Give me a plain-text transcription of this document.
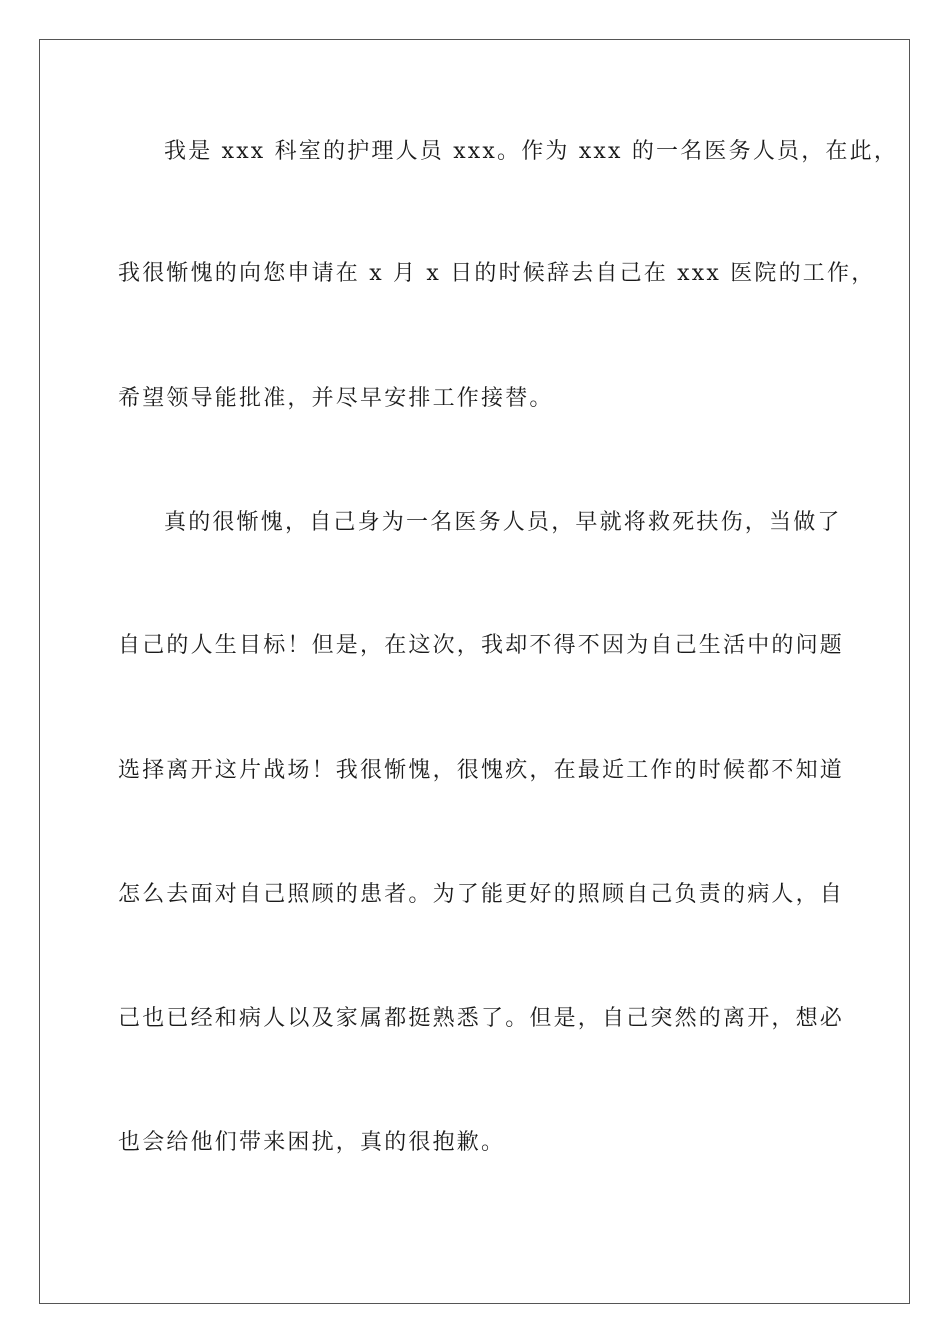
我是 xxx 科室的护理人员 xxx。作为 xxx 的一名医务人员，在此，
我很惭愧的向您申请在 x 月 x 日的时候辞去自己在 xxx 医院的工作，
希望领导能批准，并尽早安排工作接替。
真的很惭愧，自己身为一名医务人员，早就将救死扶伤，当做了
自己的人生目标！但是，在这次，我却不得不因为自己生活中的问题
选择离开这片战场！我很惭愧，很愧疚，在最近工作的时候都不知道
怎么去面对自己照顾的患者。为了能更好的照顾自己负责的病人，自
己也已经和病人以及家属都挺熟悉了。但是，自己突然的离开，想必
也会给他们带来困扰，真的很抱歉。
